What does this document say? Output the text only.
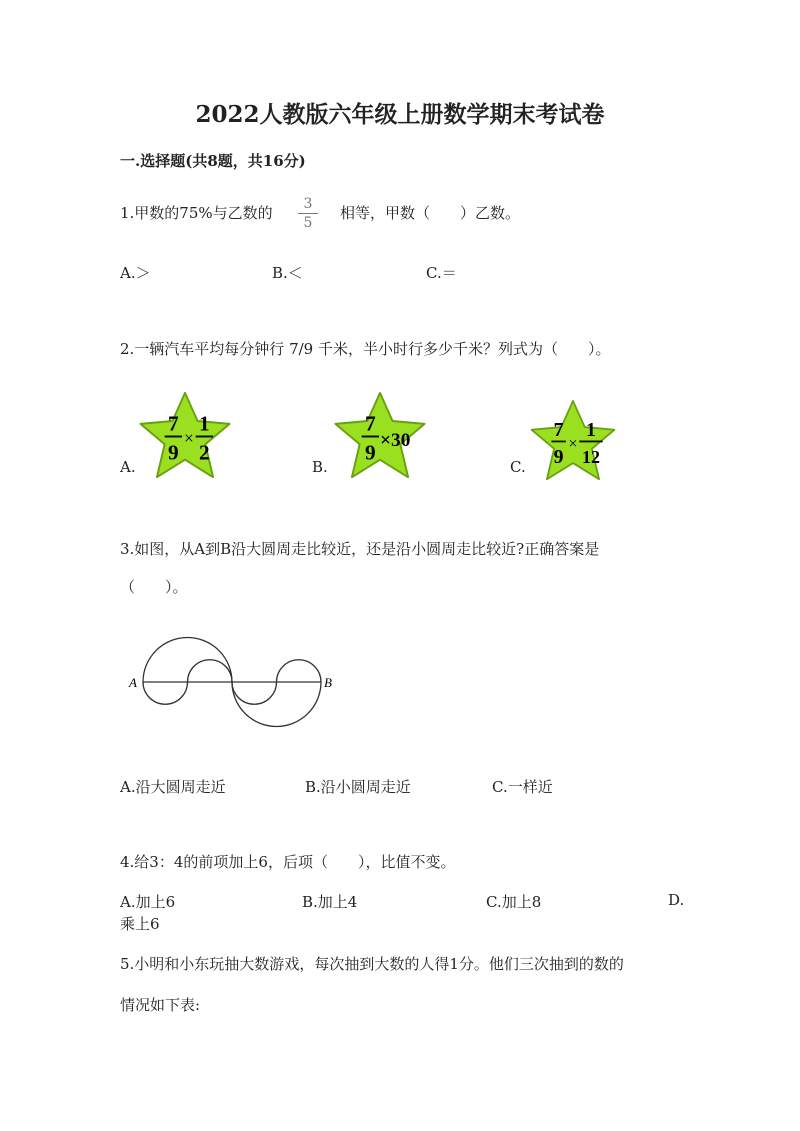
2022人教版六年级上册数学期末考试卷
一.选择题(共8题，共16分)
1.甲数的75%与乙数的	3
5
相等，甲数（　　）乙数。
A.＞	B.＜	C.＝
2.一辆汽车平均每分钟行 7/9 千米，半小时行多少千米？列式为（　　）。
A.
7
9
×
1
2
B.
7
9
×30
C.
7
9
×
1
12
3.如图，从A到B沿大圆周走比较近，还是沿小圆周走比较近?正确答案是
（　　）。
A	B
A.沿大圆周走近	B.沿小圆周走近	C.一样近
4.给3：4的前项加上6，后项（　　），比值不变。
A.加上6	B.加上4	C.加上8	D.
乘上6
5.小明和小东玩抽大数游戏，每次抽到大数的人得1分。他们三次抽到的数的
情况如下表:
